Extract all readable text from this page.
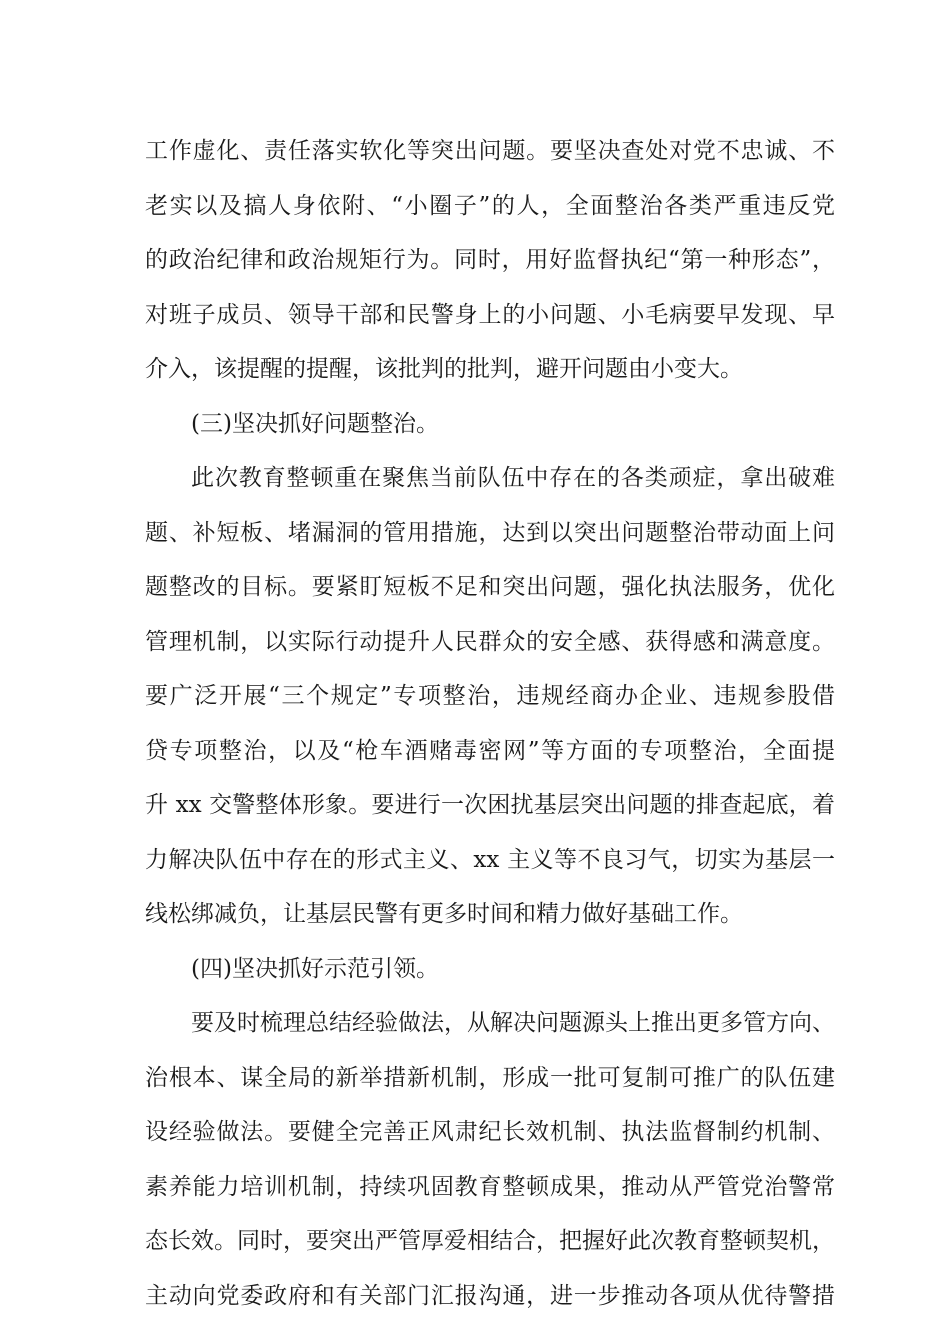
工作虚化、责任落实软化等突出问题。要坚决查处对党不忠诚、不
老实以及搞人身依附、“小圈子”的人，全面整治各类严重违反党
的政治纪律和政治规矩行为。同时，用好监督执纪“第一种形态”，
对班子成员、领导干部和民警身上的小问题、小毛病要早发现、早
介入，该提醒的提醒，该批判的批判，避开问题由小变大。
(三)坚决抓好问题整治。
此次教育整顿重在聚焦当前队伍中存在的各类顽症，拿出破难
题、补短板、堵漏洞的管用措施，达到以突出问题整治带动面上问
题整改的目标。要紧盯短板不足和突出问题，强化执法服务，优化
管理机制，以实际行动提升人民群众的安全感、获得感和满意度。
要广泛开展“三个规定”专项整治，违规经商办企业、违规参股借
贷专项整治，以及“枪车酒赌毒密网”等方面的专项整治，全面提
升 xx 交警整体形象。要进行一次困扰基层突出问题的排查起底，着
力解决队伍中存在的形式主义、xx 主义等不良习气，切实为基层一
线松绑减负，让基层民警有更多时间和精力做好基础工作。
(四)坚决抓好示范引领。
要及时梳理总结经验做法，从解决问题源头上推出更多管方向、
治根本、谋全局的新举措新机制，形成一批可复制可推广的队伍建
设经验做法。要健全完善正风肃纪长效机制、执法监督制约机制、
素养能力培训机制，持续巩固教育整顿成果，推动从严管党治警常
态长效。同时，要突出严管厚爱相结合，把握好此次教育整顿契机，
主动向党委政府和有关部门汇报沟通，进一步推动各项从优待警措
